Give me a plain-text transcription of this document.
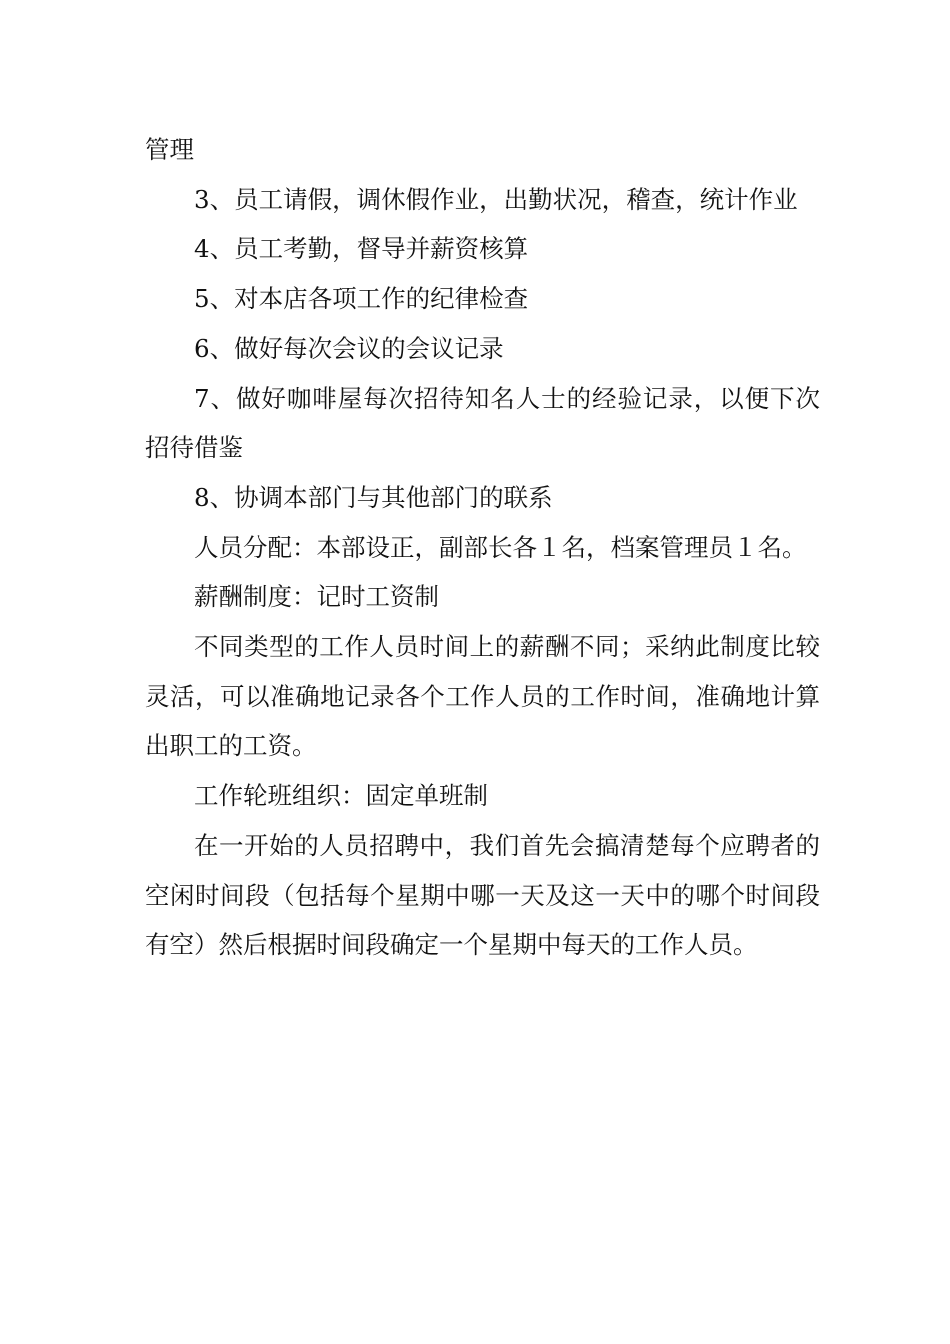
管理

3、员工请假，调休假作业，出勤状况，稽查，统计作业

4、员工考勤，督导并薪资核算

5、对本店各项工作的纪律检查

6、做好每次会议的会议记录

7、做好咖啡屋每次招待知名人士的经验记录，以便下次招待借鉴

8、协调本部门与其他部门的联系

人员分配：本部设正，副部长各１名，档案管理员１名。

薪酬制度：记时工资制

不同类型的工作人员时间上的薪酬不同；采纳此制度比较灵活，可以准确地记录各个工作人员的工作时间，准确地计算出职工的工资。

工作轮班组织：固定单班制

在一开始的人员招聘中，我们首先会搞清楚每个应聘者的空闲时间段（包括每个星期中哪一天及这一天中的哪个时间段有空）然后根据时间段确定一个星期中每天的工作人员。
